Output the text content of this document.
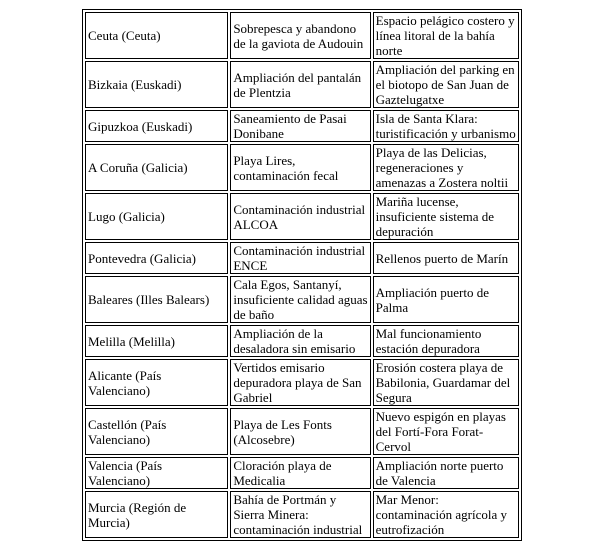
Ceuta (Ceuta)	Sobrepesca y abandono de la gaviota de Audouin	Espacio pelágico costero y línea litoral de la bahía norte
Bizkaia (Euskadi)	Ampliación del pantalán de Plentzia	Ampliación del parking en el biotopo de San Juan de Gaztelugatxe
Gipuzkoa (Euskadi)	Saneamiento de Pasai Donibane	Isla de Santa Klara: turistificación y urbanismo
A Coruña (Galicia)	Playa Lires, contaminación fecal	Playa de las Delicias, regeneraciones y amenazas a Zostera noltii
Lugo (Galicia)	Contaminación industrial ALCOA	Mariña lucense, insuficiente sistema de depuración
Pontevedra (Galicia)	Contaminación industrial ENCE	Rellenos puerto de Marín
Baleares (Illes Balears)	Cala Egos, Santanyí, insuficiente calidad aguas de baño	Ampliación puerto de Palma
Melilla (Melilla)	Ampliación de la desaladora sin emisario	Mal funcionamiento estación depuradora
Alicante (País Valenciano)	Vertidos emisario depuradora playa de San Gabriel	Erosión costera playa de Babilonia, Guardamar del Segura
Castellón (País Valenciano)	Playa de Les Fonts (Alcosebre)	Nuevo espigón en playas del Fortí-Fora Forat-Cervol
Valencia (País Valenciano)	Cloración playa de Medicalia	Ampliación norte puerto de Valencia
Murcia (Región de Murcia)	Bahía de Portmán y Sierra Minera: contaminación industrial	Mar Menor: contaminación agrícola y eutrofización
